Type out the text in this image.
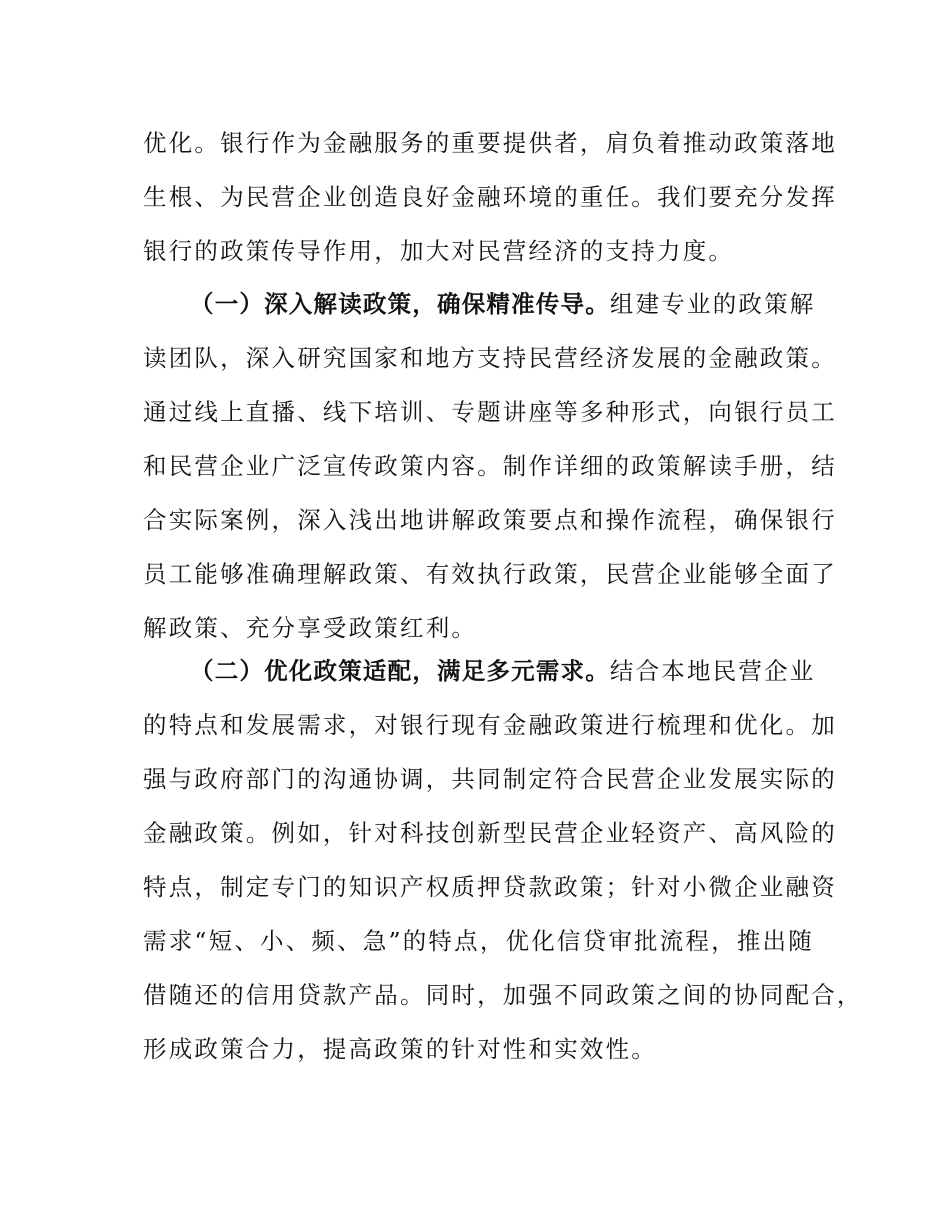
优化。银行作为金融服务的重要提供者，肩负着推动政策落地
生根、为民营企业创造良好金融环境的重任。我们要充分发挥
银行的政策传导作用，加大对民营经济的支持力度。
（一）深入解读政策，确保精准传导。组建专业的政策解
读团队，深入研究国家和地方支持民营经济发展的金融政策。
通过线上直播、线下培训、专题讲座等多种形式，向银行员工
和民营企业广泛宣传政策内容。制作详细的政策解读手册，结
合实际案例，深入浅出地讲解政策要点和操作流程，确保银行
员工能够准确理解政策、有效执行政策，民营企业能够全面了
解政策、充分享受政策红利。
（二）优化政策适配，满足多元需求。结合本地民营企业
的特点和发展需求，对银行现有金融政策进行梳理和优化。加
强与政府部门的沟通协调，共同制定符合民营企业发展实际的
金融政策。例如，针对科技创新型民营企业轻资产、高风险的
特点，制定专门的知识产权质押贷款政策；针对小微企业融资
需求“短、小、频、急”的特点，优化信贷审批流程，推出随
借随还的信用贷款产品。同时，加强不同政策之间的协同配合，
形成政策合力，提高政策的针对性和实效性。
